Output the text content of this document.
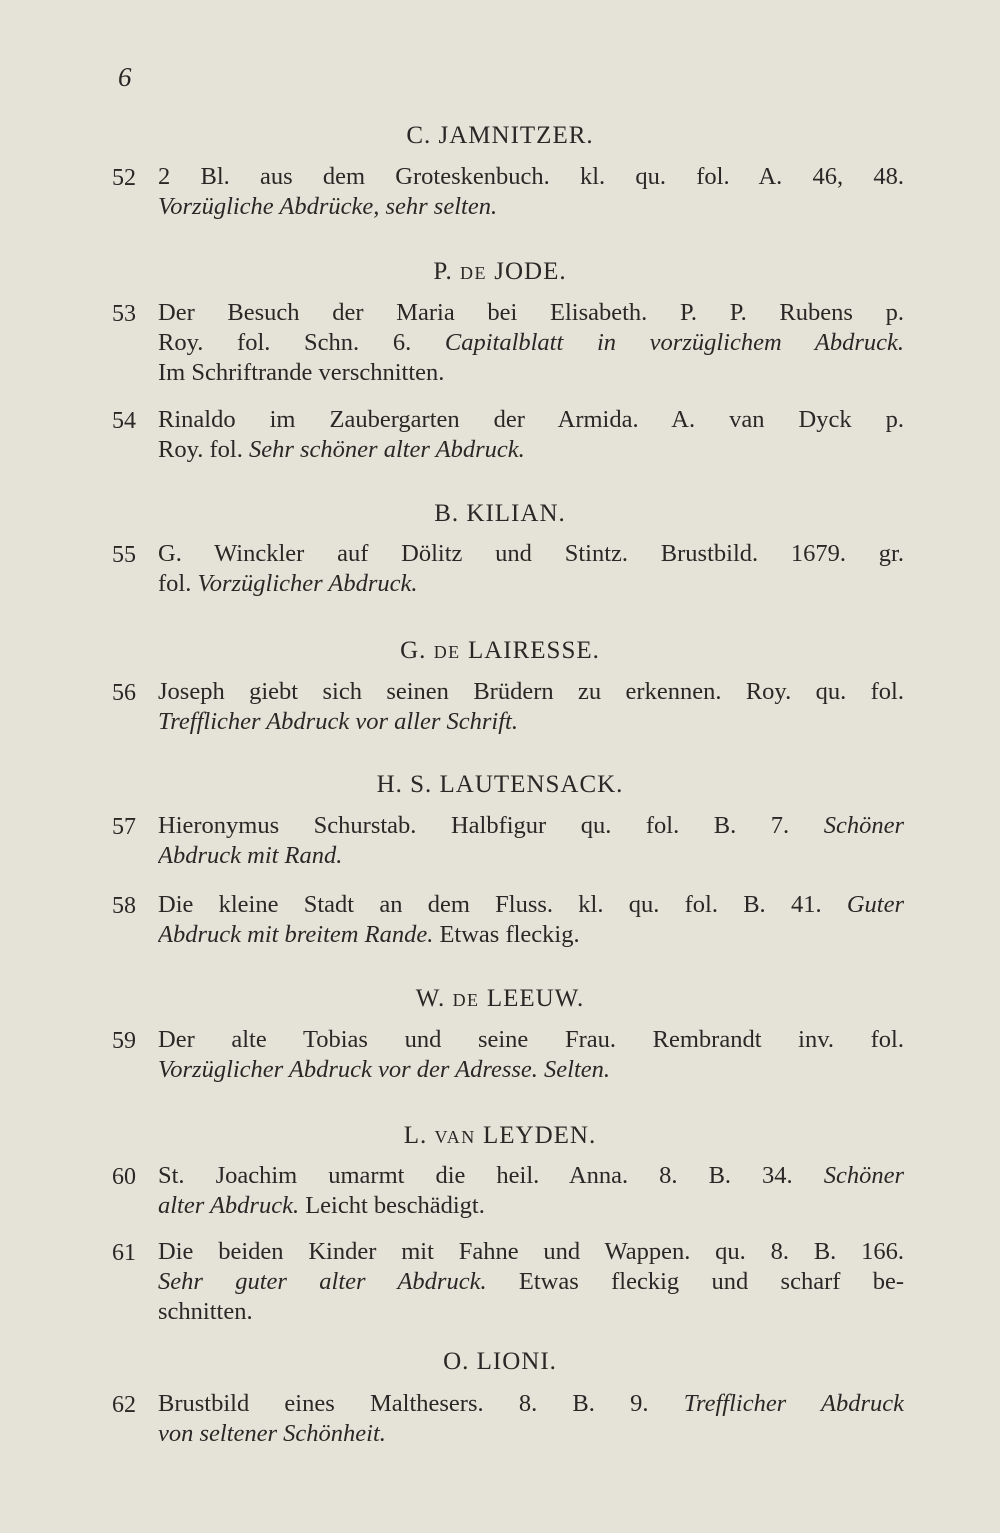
6
C. JAMNITZER.
52 2 Bl. aus dem Groteskenbuch. kl. qu. fol. A. 46, 48.
Vorzügliche Abdrücke, sehr selten.
P. DE JODE.
53 Der Besuch der Maria bei Elisabeth. P. P. Rubens p.
Roy. fol. Schn. 6. Capitalblatt in vorzüglichem Abdruck.
Im Schriftrande verschnitten.
54 Rinaldo im Zaubergarten der Armida. A. van Dyck p.
Roy. fol. Sehr schöner alter Abdruck.
B. KILIAN.
55 G. Winckler auf Dölitz und Stintz. Brustbild. 1679. gr.
fol. Vorzüglicher Abdruck.
G. DE LAIRESSE.
56 Joseph giebt sich seinen Brüdern zu erkennen. Roy. qu. fol.
Trefflicher Abdruck vor aller Schrift.
H. S. LAUTENSACK.
57 Hieronymus Schurstab. Halbfigur qu. fol. B. 7. Schöner
Abdruck mit Rand.
58 Die kleine Stadt an dem Fluss. kl. qu. fol. B. 41. Guter
Abdruck mit breitem Rande. Etwas fleckig.
W. DE LEEUW.
59 Der alte Tobias und seine Frau. Rembrandt inv. fol.
Vorzüglicher Abdruck vor der Adresse. Selten.
L. VAN LEYDEN.
60 St. Joachim umarmt die heil. Anna. 8. B. 34. Schöner
alter Abdruck. Leicht beschädigt.
61 Die beiden Kinder mit Fahne und Wappen. qu. 8. B. 166.
Sehr guter alter Abdruck. Etwas fleckig und scharf be-
schnitten.
O. LIONI.
62 Brustbild eines Malthesers. 8. B. 9. Trefflicher Abdruck
von seltener Schönheit.
